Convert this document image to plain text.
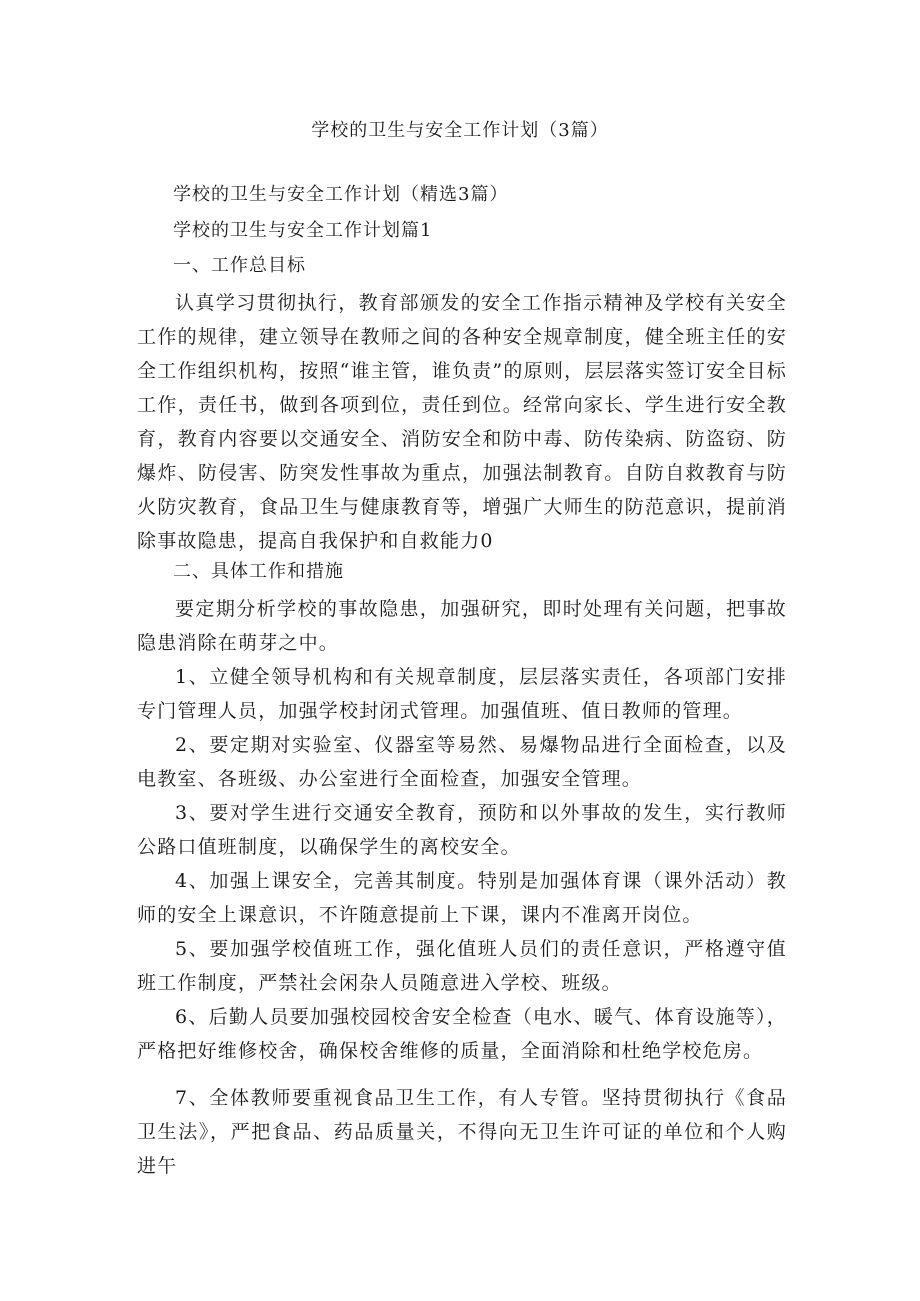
学校的卫生与安全工作计划（3篇）

学校的卫生与安全工作计划（精选3篇）

学校的卫生与安全工作计划篇1

一、工作总目标

认真学习贯彻执行，教育部颁发的安全工作指示精神及学校有关安全工作的规律，建立领导在教师之间的各种安全规章制度，健全班主任的安全工作组织机构，按照“谁主管，谁负责”的原则，层层落实签订安全目标工作，责任书，做到各项到位，责任到位。经常向家长、学生进行安全教育，教育内容要以交通安全、消防安全和防中毒、防传染病、防盗窃、防爆炸、防侵害、防突发性事故为重点，加强法制教育。自防自救教育与防火防灾教育，食品卫生与健康教育等，增强广大师生的防范意识，提前消除事故隐患，提高自我保护和自救能力0

二、具体工作和措施

要定期分析学校的事故隐患，加强研究，即时处理有关问题，把事故隐患消除在萌芽之中。

1、立健全领导机构和有关规章制度，层层落实责任，各项部门安排专门管理人员，加强学校封闭式管理。加强值班、值日教师的管理。

2、要定期对实验室、仪器室等易然、易爆物品进行全面检查，以及电教室、各班级、办公室进行全面检查，加强安全管理。

3、要对学生进行交通安全教育，预防和以外事故的发生，实行教师公路口值班制度，以确保学生的离校安全。

4、加强上课安全，完善其制度。特别是加强体育课（课外活动）教师的安全上课意识，不许随意提前上下课，课内不准离开岗位。

5、要加强学校值班工作，强化值班人员们的责任意识，严格遵守值班工作制度，严禁社会闲杂人员随意进入学校、班级。

6、后勤人员要加强校园校舍安全检查（电水、暖气、体育设施等），严格把好维修校舍，确保校舍维修的质量，全面消除和杜绝学校危房。

7、全体教师要重视食品卫生工作，有人专管。坚持贯彻执行《食品卫生法》，严把食品、药品质量关，不得向无卫生许可证的单位和个人购进午
